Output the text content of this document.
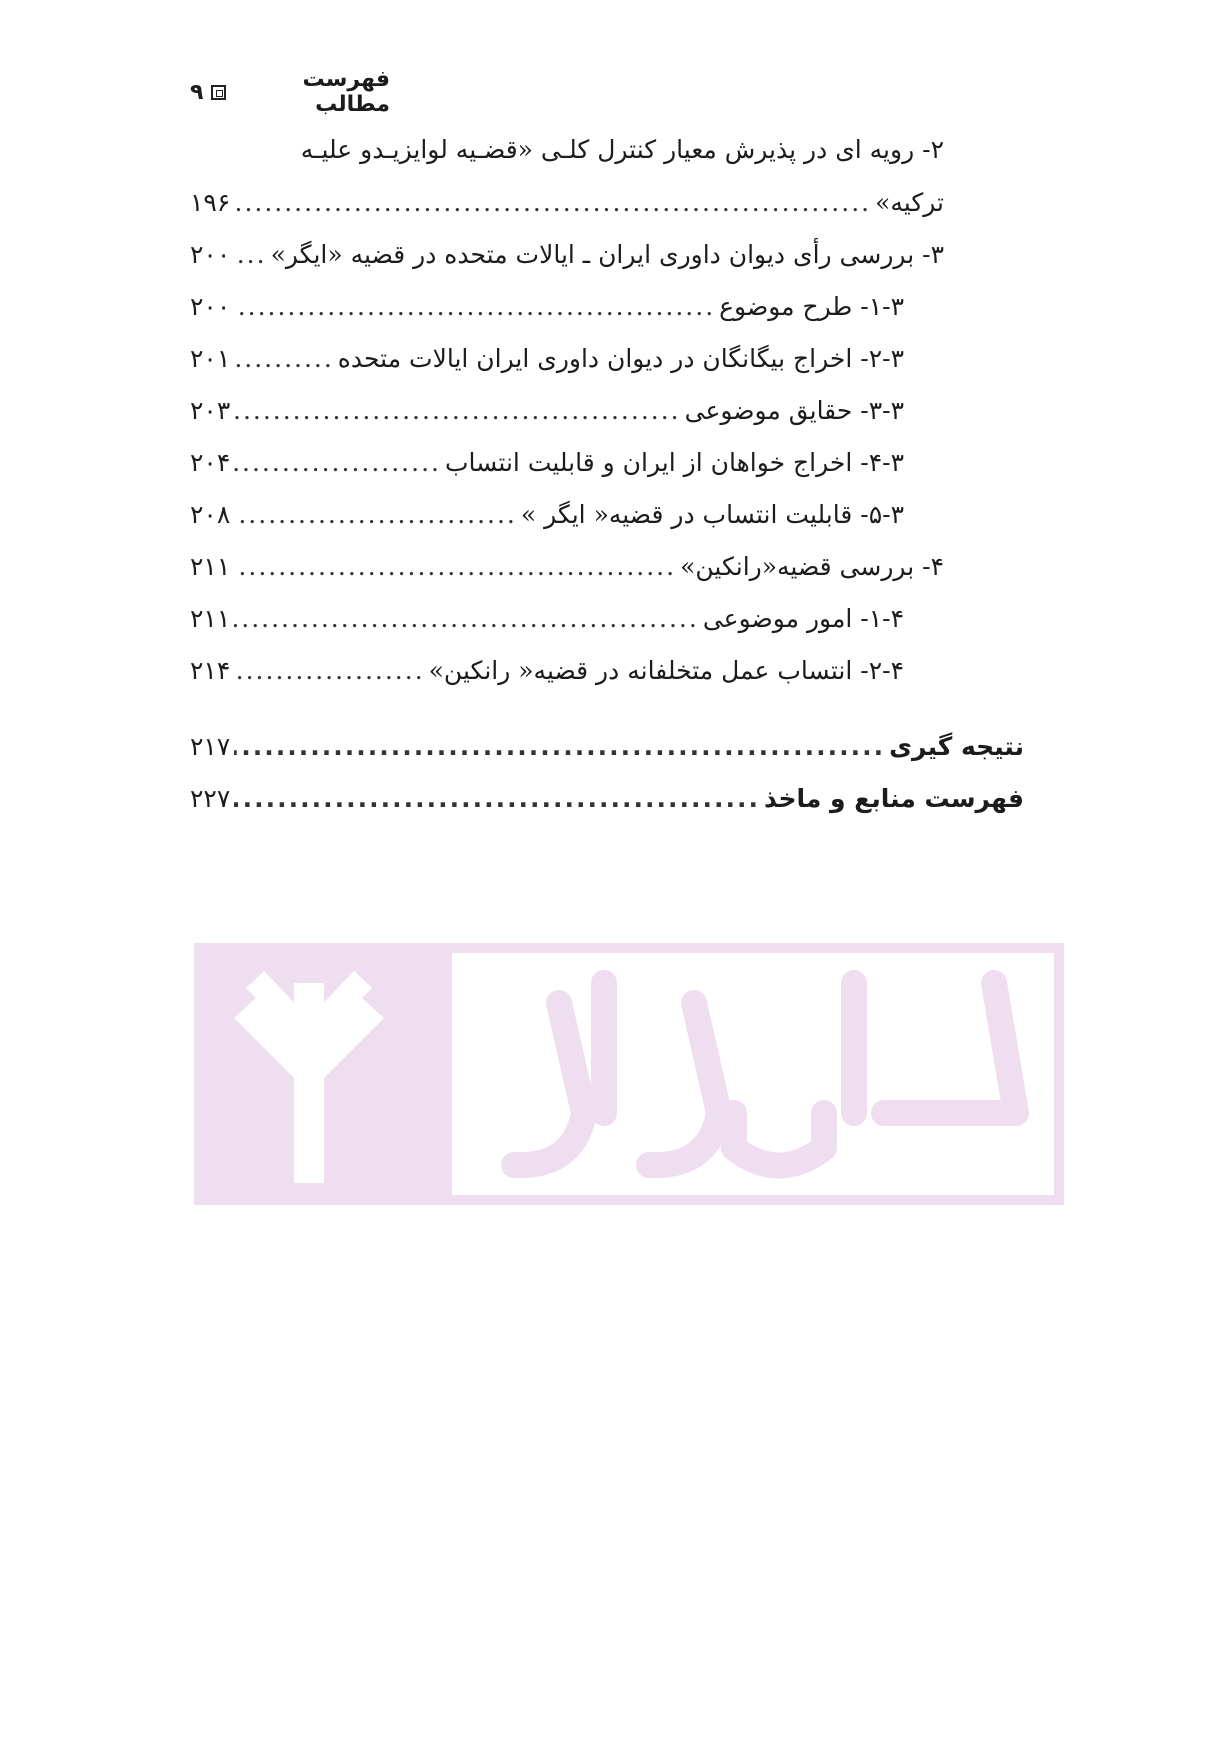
فهرست مطالب
۹
۲- رویه ای در پذیرش معیار کنترل کلـی «قضـیه لوایزیـدو علیـه
ترکیه»
.....
۱۹۶
۳- بررسی رأی دیوان داوری ایران ـ ایالات متحده در قضیه «ایگر»
.....
۲۰۰
۱-۳- طرح موضوع
.....
۲۰۰
۲-۳- اخراج بیگانگان در دیوان داوری ایران ایالات متحده
.....
۲۰۱
۳-۳- حقایق موضوعی
.....
۲۰۳
۴-۳- اخراج خواهان از ایران و قابلیت انتساب
.....
۲۰۴
۵-۳- قابلیت انتساب در قضیه« ایگر »
.....
۲۰۸
۴- بررسی قضیه«رانکین»
.....
۲۱۱
۱-۴- امور موضوعی
.....
۲۱۱
۲-۴- انتساب عمل متخلفانه در قضیه« رانکین»
.....
۲۱۴
نتیجه گیری
.....
۲۱۷
فهرست منابع و ماخذ
.....
۲۲۷
